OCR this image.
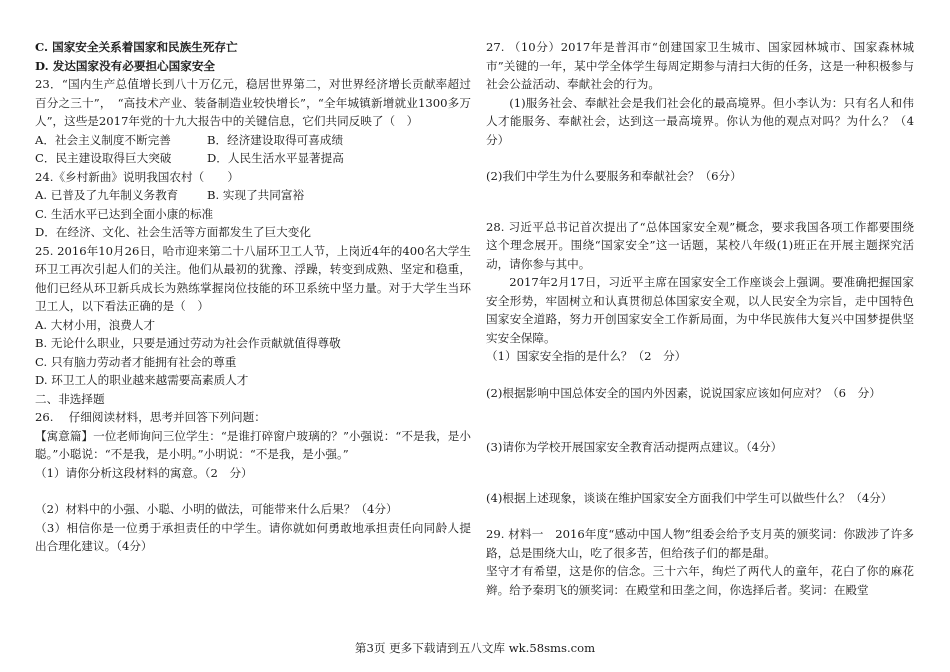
C. 国家安全关系着国家和民族生死存亡

D. 发达国家没有必要担心国家安全

23．“国内生产总值增长到八十万亿元，稳居世界第二，对世界经济增长贡献率超过百分之三十”，　“高技术产业、装备制造业较快增长”，“全年城镇新增就业1300多万人”，这些是2017年党的十九大报告中的关键信息，它们共同反映了（　）

A．社会主义制度不断完善	B．经济建设取得可喜成绩
C．民主建设取得巨大突破	D．人民生活水平显著提高

24.《乡村新曲》说明我国农村（　　）

A. 已普及了九年制义务教育	B. 实现了共同富裕

C. 生活水平已达到全面小康的标准

D．在经济、文化、社会生活等方面都发生了巨大变化

25. 2016年10月26日，哈市迎来第二十八届环卫工人节，上岗近4年的400名大学生环卫工再次引起人们的关注。他们从最初的犹豫、浮躁，转变到成熟、坚定和稳重，他们已经从环卫新兵成长为熟练掌握岗位技能的环卫系统中坚力量。对于大学生当环卫工人，以下看法正确的是（　）

A. 大材小用，浪费人才

B. 无论什么职业，只要是通过劳动为社会作贡献就值得尊敬

C. 只有脑力劳动者才能拥有社会的尊重

D. 环卫工人的职业越来越需要高素质人才

二、非选择题

26.　 仔细阅读材料，思考并回答下列问题：

【寓意篇】一位老师询问三位学生：“是谁打碎窗户玻璃的？”小强说：“不是我，是小聪。”小聪说：“不是我，是小明。”小明说：“不是我，是小强。”

（1）请你分析这段材料的寓意。（2　分）

（2）材料中的小强、小聪、小明的做法，可能带来什么后果？（4分）

（3）相信你是一位勇于承担责任的中学生。请你就如何勇敢地承担责任向同龄人提出合理化建议。（4分）

27. （10分）2017年是普洱市“创建国家卫生城市、国家园林城市、国家森林城市”关键的一年，某中学全体学生每周定期参与清扫大街的任务，这是一种积极参与社会公益活动、奉献社会的行为。

(1)服务社会、奉献社会是我们社会化的最高境界。但小李认为：只有名人和伟人才能服务、奉献社会，达到这一最高境界。你认为他的观点对吗？为什么？（4分）

(2)我们中学生为什么要服务和奉献社会？（6分）

28. 习近平总书记首次提出了“总体国家安全观”概念，要求我国各项工作都要围绕这个理念展开。围绕“国家安全”这一话题，某校八年级(1)班正在开展主题探究活动，请你参与其中。

2017年2月17日，习近平主席在国家安全工作座谈会上强调。要准确把握国家安全形势，牢固树立和认真贯彻总体国家安全观，以人民安全为宗旨，走中国特色国家安全道路，努力开创国家安全工作新局面，为中华民族伟大复兴中国梦提供坚实安全保障。

（1）国家安全指的是什么？（2　分）

(2)根据影响中国总体安全的国内外因素，说说国家应该如何应对？（6　分）

(3)请你为学校开展国家安全教育活动提两点建议。（4分）

(4)根据上述现象，谈谈在维护国家安全方面我们中学生可以做些什么？（4分）

29. 材料一　2016年度“感动中国人物”组委会给予支月英的颁奖词：你跋涉了许多路，总是围绕大山，吃了很多苦，但给孩子们的都是甜。

坚守才有希望，这是你的信念。三十六年，绚烂了两代人的童年，花白了你的麻花辫。给予秦玥飞的颁奖词：在殿堂和田垄之间，你选择后者。奖词：在殿堂

第3页 更多下载请到五八文库 wk.58sms.com
